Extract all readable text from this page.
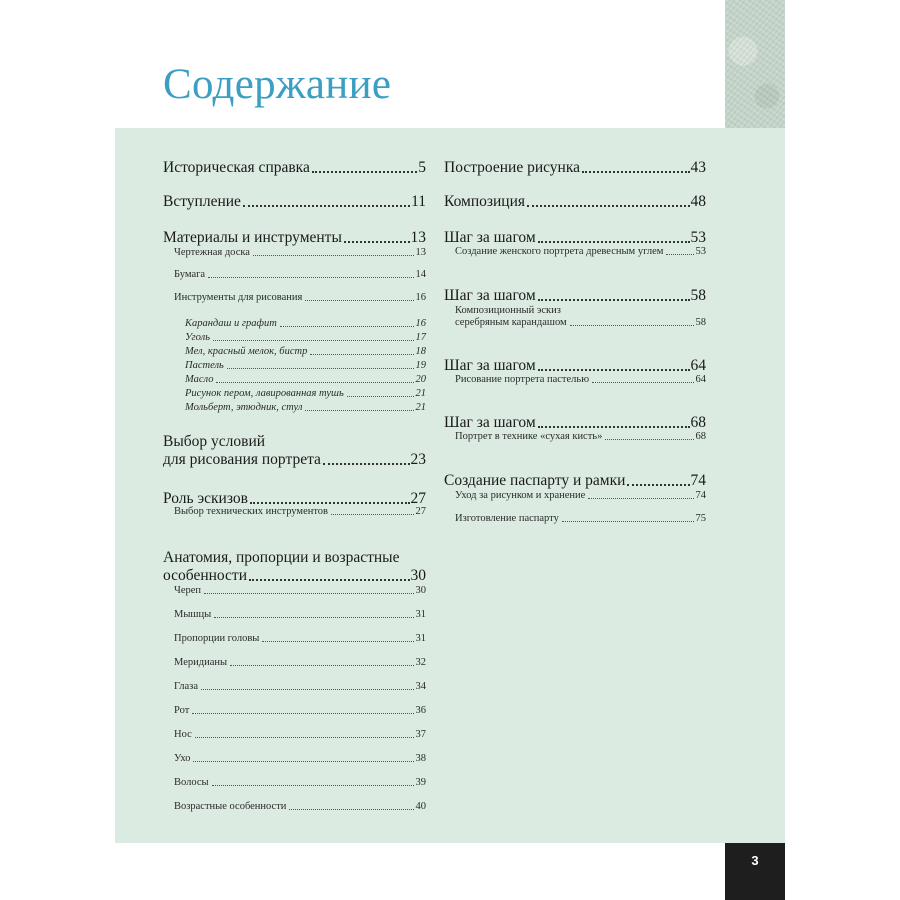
Содержание
Историческая справка	5
Вступление	11
Материалы и инструменты	13
Чертежная доска	13
Бумага	14
Инструменты для рисования	16
Карандаш и графит	16
Уголь	17
Мел, красный мелок, бистр	18
Пастель	19
Масло	20
Рисунок пером, лавированная тушь	21
Мольберт, этюдник, стул	21
Выбор условий
для рисования портрета	23
Роль эскизов	27
Выбор технических инструментов	27
Анатомия, пропорции и возрастные
особенности	30
Череп	30
Мышцы	31
Пропорции головы	31
Меридианы	32
Глаза	34
Рот	36
Нос	37
Ухо	38
Волосы	39
Возрастные особенности	40
Построение рисунка	43
Композиция	48
Шаг за шагом	53
Создание женского портрета древесным углем	53
Шаг за шагом	58
Композиционный эскиз
серебряным карандашом	58
Шаг за шагом	64
Рисование портрета пастелью	64
Шаг за шагом	68
Портрет в технике «сухая кисть»	68
Создание паспарту и рамки	74
Уход за рисунком и хранение	74
Изготовление паспарту	75
3
